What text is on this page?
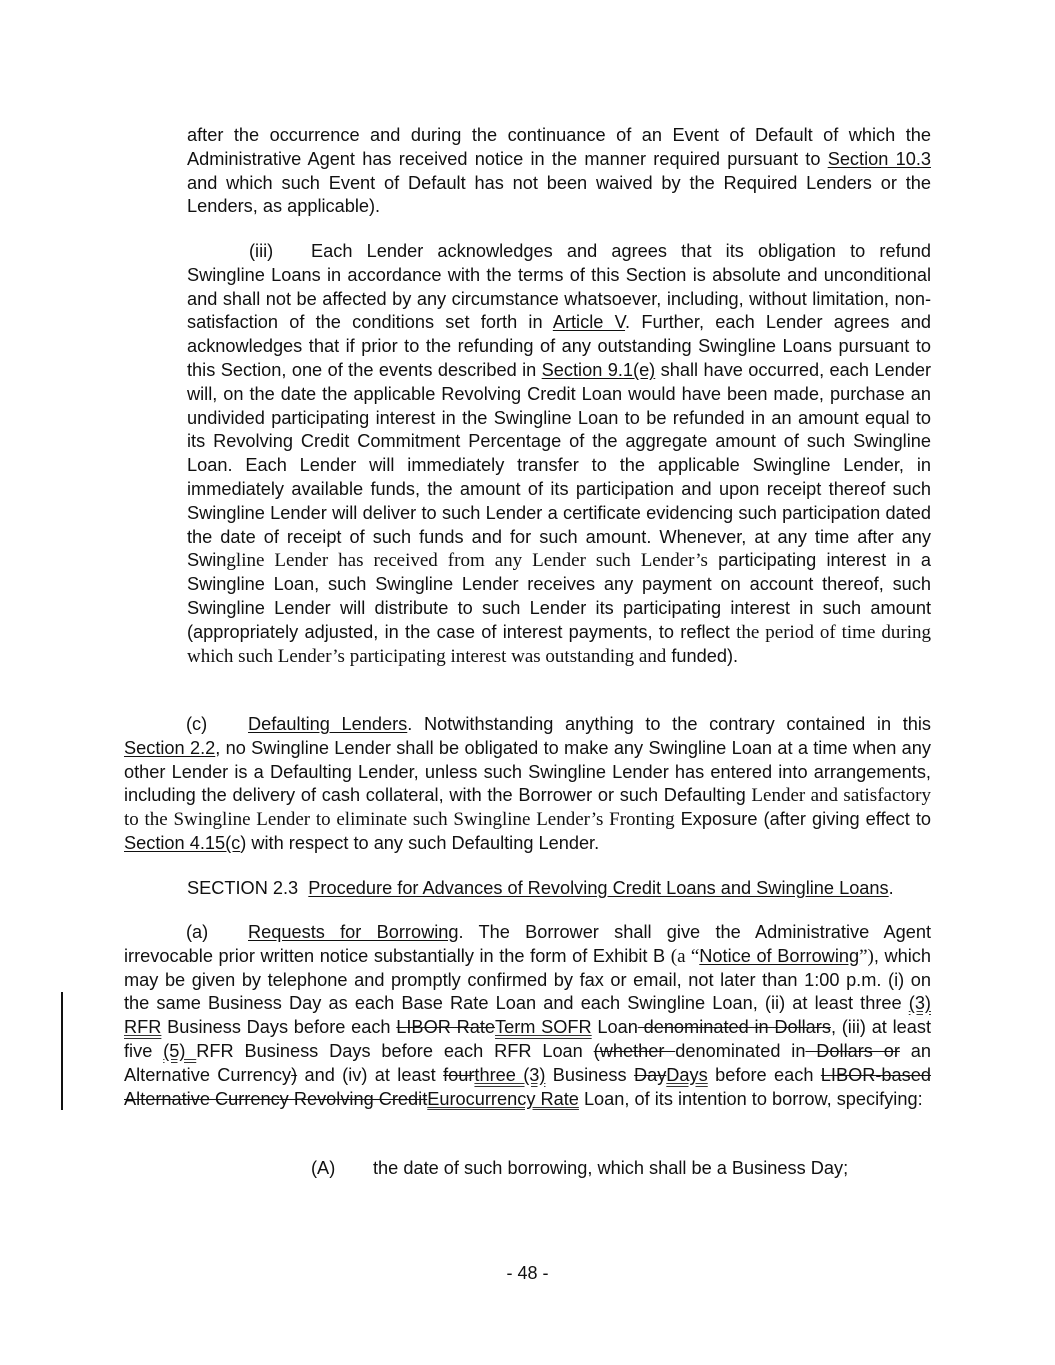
after the occurrence and during the continuance of an Event of Default of which the Administrative Agent has received notice in the manner required pursuant to Section 10.3 and which such Event of Default has not been waived by the Required Lenders or the Lenders, as applicable).
(iii) Each Lender acknowledges and agrees that its obligation to refund Swingline Loans in accordance with the terms of this Section is absolute and unconditional and shall not be affected by any circumstance whatsoever, including, without limitation, non-satisfaction of the conditions set forth in Article V. Further, each Lender agrees and acknowledges that if prior to the refunding of any outstanding Swingline Loans pursuant to this Section, one of the events described in Section 9.1(e) shall have occurred, each Lender will, on the date the applicable Revolving Credit Loan would have been made, purchase an undivided participating interest in the Swingline Loan to be refunded in an amount equal to its Revolving Credit Commitment Percentage of the aggregate amount of such Swingline Loan. Each Lender will immediately transfer to the applicable Swingline Lender, in immediately available funds, the amount of its participation and upon receipt thereof such Swingline Lender will deliver to such Lender a certificate evidencing such participation dated the date of receipt of such funds and for such amount. Whenever, at any time after any Swingline Lender has received from any Lender such Lender’s participating interest in a Swingline Loan, such Swingline Lender receives any payment on account thereof, such Swingline Lender will distribute to such Lender its participating interest in such amount (appropriately adjusted, in the case of interest payments, to reflect the period of time during which such Lender’s participating interest was outstanding and funded).
(c) Defaulting Lenders. Notwithstanding anything to the contrary contained in this Section 2.2, no Swingline Lender shall be obligated to make any Swingline Loan at a time when any other Lender is a Defaulting Lender, unless such Swingline Lender has entered into arrangements, including the delivery of cash collateral, with the Borrower or such Defaulting Lender and satisfactory to the Swingline Lender to eliminate such Swingline Lender’s Fronting Exposure (after giving effect to Section 4.15(c) with respect to any such Defaulting Lender.
SECTION 2.3 Procedure for Advances of Revolving Credit Loans and Swingline Loans.
(a) Requests for Borrowing. The Borrower shall give the Administrative Agent irrevocable prior written notice substantially in the form of Exhibit B (a “Notice of Borrowing”), which may be given by telephone and promptly confirmed by fax or email, not later than 1:00 p.m. (i) on the same Business Day as each Base Rate Loan and each Swingline Loan, (ii) at least three (3) RFR Business Days before each LIBOR RateTerm SOFR Loan denominated in Dollars, (iii) at least five (5) RFR Business Days before each RFR Loan (whether denominated in Dollars or an Alternative Currency) and (iv) at least fourthree (3) Business DayDays before each LIBOR-based Alternative Currency Revolving CreditEurocurrency Rate Loan, of its intention to borrow, specifying:
(A) the date of such borrowing, which shall be a Business Day;
- 48 -
